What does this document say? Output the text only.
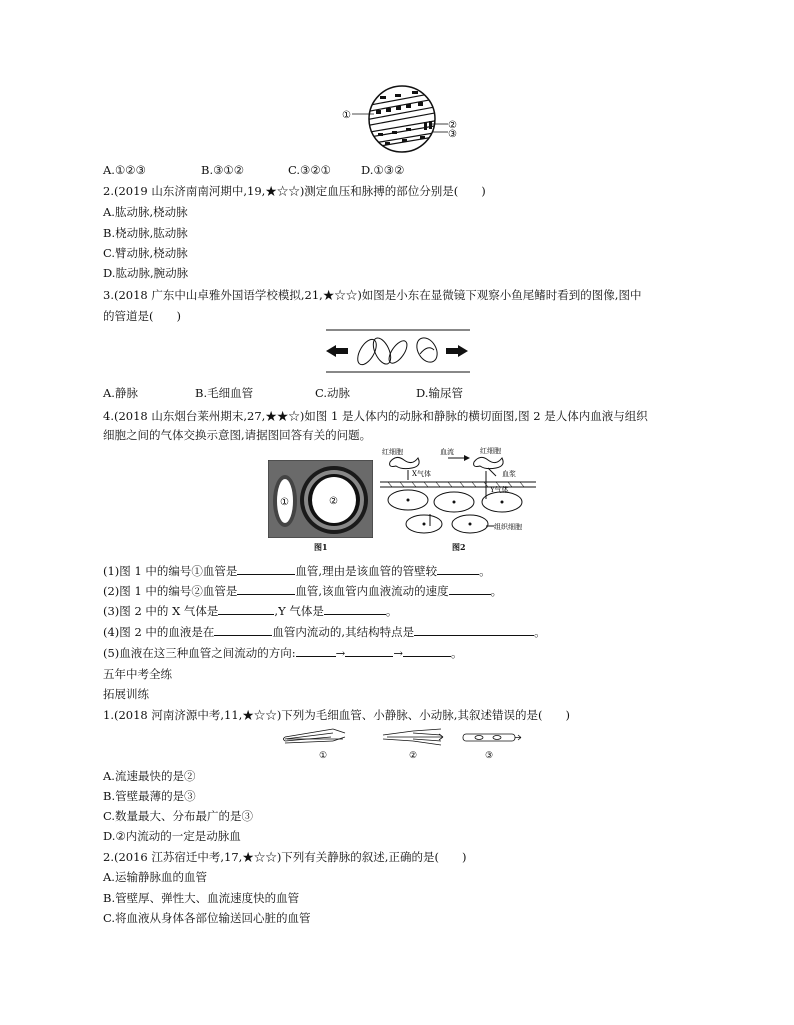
①
②
③
A.①②③	B.③①②	C.③②①	D.①③②
2.(2019 山东济南南河期中,19,★☆☆)测定血压和脉搏的部位分别是(　　)
A.肱动脉,桡动脉
B.桡动脉,肱动脉
C.臂动脉,桡动脉
D.肱动脉,腕动脉
3.(2018 广东中山卓雅外国语学校模拟,21,★☆☆)如图是小东在显微镜下观察小鱼尾鳍时看到的图像,图中
的管道是(　　)
A.静脉	B.毛细血管	C.动脉	D.输尿管
4.(2018 山东烟台莱州期末,27,★★☆)如图 1 是人体内的动脉和静脉的横切面图,图 2 是人体内血液与组织
细胞之间的气体交换示意图,请据图回答有关的问题。
①	②
图1
红细胞	血流	红细胞
血浆
X气体
Y气体
组织细胞
图2
(1)图 1 中的编号①血管是	血管,理由是该血管的管壁较	。
(2)图 1 中的编号②血管是	血管,该血管内血液流动的速度	。
(3)图 2 中的 X 气体是	,Y 气体是	。
(4)图 2 中的血液是在	血管内流动的,其结构特点是	。
(5)血液在这三种血管之间流动的方向:	→	→	。
五年中考全练
拓展训练
1.(2018 河南济源中考,11,★☆☆)下列为毛细血管、小静脉、小动脉,其叙述错误的是(　　)
①	②	③
A.流速最快的是②
B.管壁最薄的是③
C.数量最大、分布最广的是③
D.②内流动的一定是动脉血
2.(2016 江苏宿迁中考,17,★☆☆)下列有关静脉的叙述,正确的是(　　)
A.运输静脉血的血管
B.管壁厚、弹性大、血流速度快的血管
C.将血液从身体各部位输送回心脏的血管
